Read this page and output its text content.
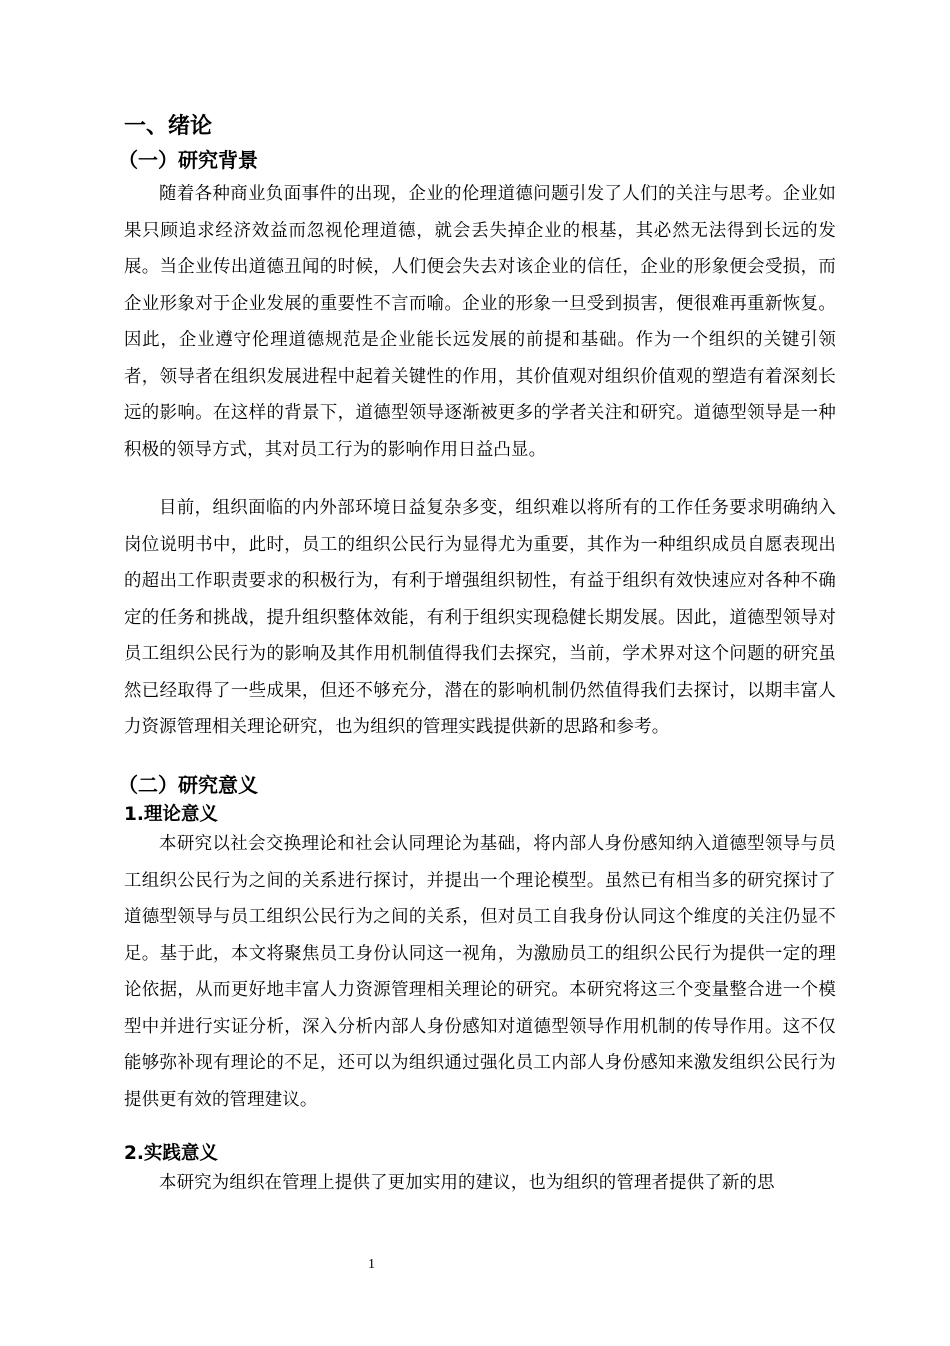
一、绪论
（一）研究背景

随着各种商业负面事件的出现，企业的伦理道德问题引发了人们的关注与思考。企业如果只顾追求经济效益而忽视伦理道德，就会丢失掉企业的根基，其必然无法得到长远的发展。当企业传出道德丑闻的时候，人们便会失去对该企业的信任，企业的形象便会受损，而企业形象对于企业发展的重要性不言而喻。企业的形象一旦受到损害，便很难再重新恢复。因此，企业遵守伦理道德规范是企业能长远发展的前提和基础。作为一个组织的关键引领者，领导者在组织发展进程中起着关键性的作用，其价值观对组织价值观的塑造有着深刻长远的影响。在这样的背景下，道德型领导逐渐被更多的学者关注和研究。道德型领导是一种积极的领导方式，其对员工行为的影响作用日益凸显。

目前，组织面临的内外部环境日益复杂多变，组织难以将所有的工作任务要求明确纳入岗位说明书中，此时，员工的组织公民行为显得尤为重要，其作为一种组织成员自愿表现出的超出工作职责要求的积极行为，有利于增强组织韧性，有益于组织有效快速应对各种不确定的任务和挑战，提升组织整体效能，有利于组织实现稳健长期发展。因此，道德型领导对员工组织公民行为的影响及其作用机制值得我们去探究，当前，学术界对这个问题的研究虽然已经取得了一些成果，但还不够充分，潜在的影响机制仍然值得我们去探讨，以期丰富人力资源管理相关理论研究，也为组织的管理实践提供新的思路和参考。

（二）研究意义
1.理论意义

本研究以社会交换理论和社会认同理论为基础，将内部人身份感知纳入道德型领导与员工组织公民行为之间的关系进行探讨，并提出一个理论模型。虽然已有相当多的研究探讨了道德型领导与员工组织公民行为之间的关系，但对员工自我身份认同这个维度的关注仍显不足。基于此，本文将聚焦员工身份认同这一视角，为激励员工的组织公民行为提供一定的理论依据，从而更好地丰富人力资源管理相关理论的研究。本研究将这三个变量整合进一个模型中并进行实证分析，深入分析内部人身份感知对道德型领导作用机制的传导作用。这不仅能够弥补现有理论的不足，还可以为组织通过强化员工内部人身份感知来激发组织公民行为提供更有效的管理建议。

2.实践意义

本研究为组织在管理上提供了更加实用的建议，也为组织的管理者提供了新的思

1
